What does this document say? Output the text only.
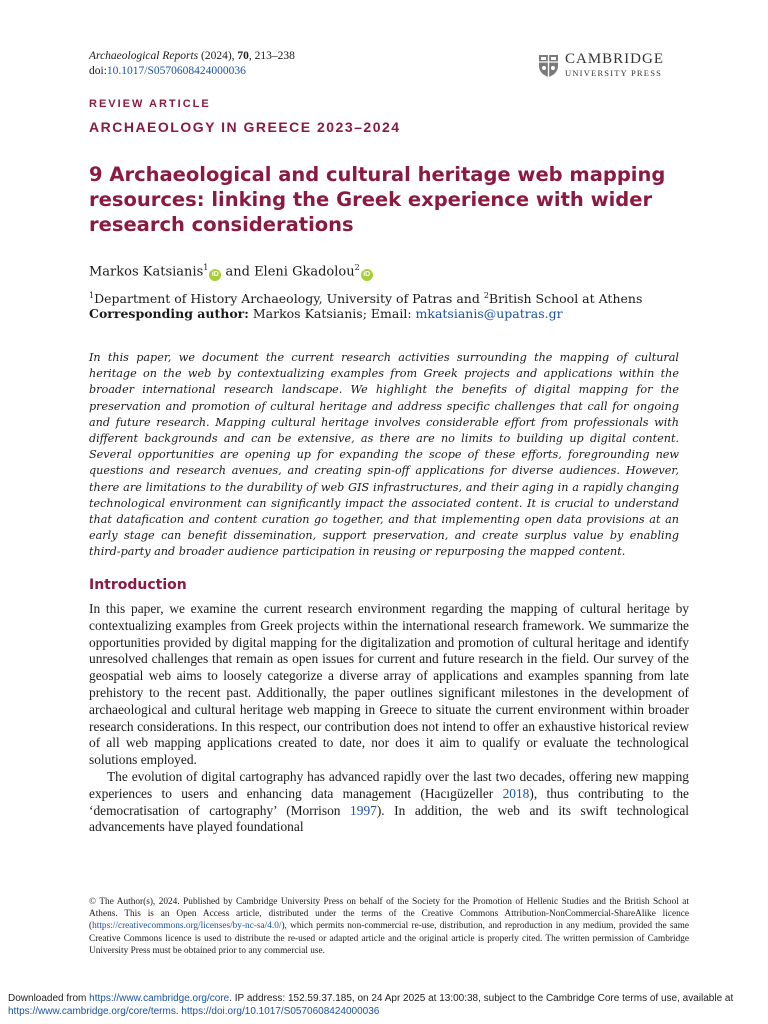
Archaeological Reports (2024), 70, 213–238
doi:10.1017/S0570608424000036
CAMBRIDGE
UNIVERSITY PRESS
REVIEW ARTICLE
ARCHAEOLOGY IN GREECE 2023–2024
9 Archaeological and cultural heritage web mapping resources: linking the Greek experience with wider research considerations
Markos Katsianis$^1$iD and Eleni Gkadolou$^2$iD
$^1$Department of History Archaeology, University of Patras and $^2$British School at Athens
Corresponding author: Markos Katsianis; Email: mkatsianis@upatras.gr
In this paper, we document the current research activities surrounding the mapping of cultural heritage on the web by contextualizing examples from Greek projects and applications within the broader international research landscape. We highlight the benefits of digital mapping for the preservation and promotion of cultural heritage and address specific challenges that call for ongoing and future research. Mapping cultural heritage involves considerable effort from professionals with different backgrounds and can be extensive, as there are no limits to building up digital content. Several opportunities are opening up for expanding the scope of these efforts, foregrounding new questions and research avenues, and creating spin-off applications for diverse audiences. However, there are limitations to the durability of web GIS infrastructures, and their aging in a rapidly changing technological environment can significantly impact the associated content. It is crucial to understand that datafication and content curation go together, and that implementing open data provisions at an early stage can benefit dissemination, support preservation, and create surplus value by enabling third-party and broader audience participation in reusing or repurposing the mapped content.
Introduction

In this paper, we examine the current research environment regarding the mapping of cultural heritage by contextualizing examples from Greek projects within the international research framework. We summarize the opportunities provided by digital mapping for the digitalization and promotion of cultural heritage and identify unresolved challenges that remain as open issues for current and future research in the field. Our survey of the geospatial web aims to loosely categorize a diverse array of applications and examples spanning from late prehistory to the recent past. Additionally, the paper outlines significant milestones in the development of archaeological and cultural heritage web mapping in Greece to situate the current environment within broader research considerations. In this respect, our contribution does not intend to offer an exhaustive historical review of all web mapping applications created to date, nor does it aim to qualify or evaluate the technological solutions employed.

The evolution of digital cartography has advanced rapidly over the last two decades, offering new mapping experiences to users and enhancing data management (Hacıgüzeller 2018), thus contributing to the ‘democratisation of cartography’ (Morrison 1997). In addition, the web and its swift technological advancements have played foundational

© The Author(s), 2024. Published by Cambridge University Press on behalf of the Society for the Promotion of Hellenic Studies and the British School at Athens. This is an Open Access article, distributed under the terms of the Creative Commons Attribution-NonCommercial-ShareAlike licence (https://creativecommons.org/licenses/by-nc-sa/4.0/), which permits non-commercial re-use, distribution, and reproduction in any medium, provided the same Creative Commons licence is used to distribute the re-used or adapted article and the original article is properly cited. The written permission of Cambridge University Press must be obtained prior to any commercial use.
Downloaded from https://www.cambridge.org/core. IP address: 152.59.37.185, on 24 Apr 2025 at 13:00:38, subject to the Cambridge Core terms of use, available at https://www.cambridge.org/core/terms. https://doi.org/10.1017/S0570608424000036
